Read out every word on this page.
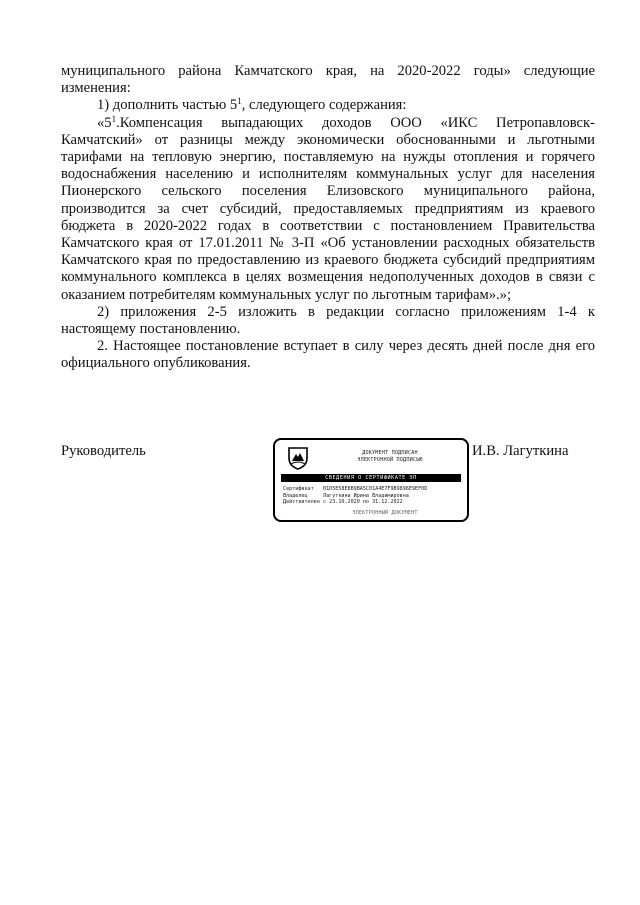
муниципального района Камчатского края, на 2020-2022 годы» следующие изменения:

1) дополнить частью $5^1$, следующего содержания:

«$5^1.Компенсация$ выпадающих доходов ООО «ИКС Петропавловск-Камчатский» от разницы между экономически обоснованными и льготными тарифами на тепловую энергию, поставляемую на нужды отопления и горячего водоснабжения населению и исполнителям коммунальных услуг для населения Пионерского сельского поселения Елизовского муниципального района, производится за счет субсидий, предоставляемых предприятиям из краевого бюджета в 2020-2022 годах в соответствии с постановлением Правительства Камчатского края от 17.01.2011 № 3-П «Об установлении расходных обязательств Камчатского края по предоставлению из краевого бюджета субсидий предприятиям коммунального комплекса в целях возмещения недополученных доходов в связи с оказанием потребителям коммунальных услуг по льготным тарифам».»;

2) приложения 2-5 изложить в редакции согласно приложениям 1-4 к настоящему постановлению.

2. Настоящее постановление вступает в силу через десять дней после дня его официального опубликования.

Руководитель	И.В. Лагуткина
ДОКУМЕНТ ПОДПИСАН
ЭЛЕКТРОННОЙ ПОДПИСЬЮ
СВЕДЕНИЯ О СЕРТИФИКАТЕ ЭП
Сертификат	01D5E58E8B9BA5C01A4E7F9B9896E9EF0D
Владелец	Лагуткина Ирина Владимировна
Действителен с 23.10.2020 по 31.12.2022
ЭЛЕКТРОННЫЙ ДОКУМЕНТ
